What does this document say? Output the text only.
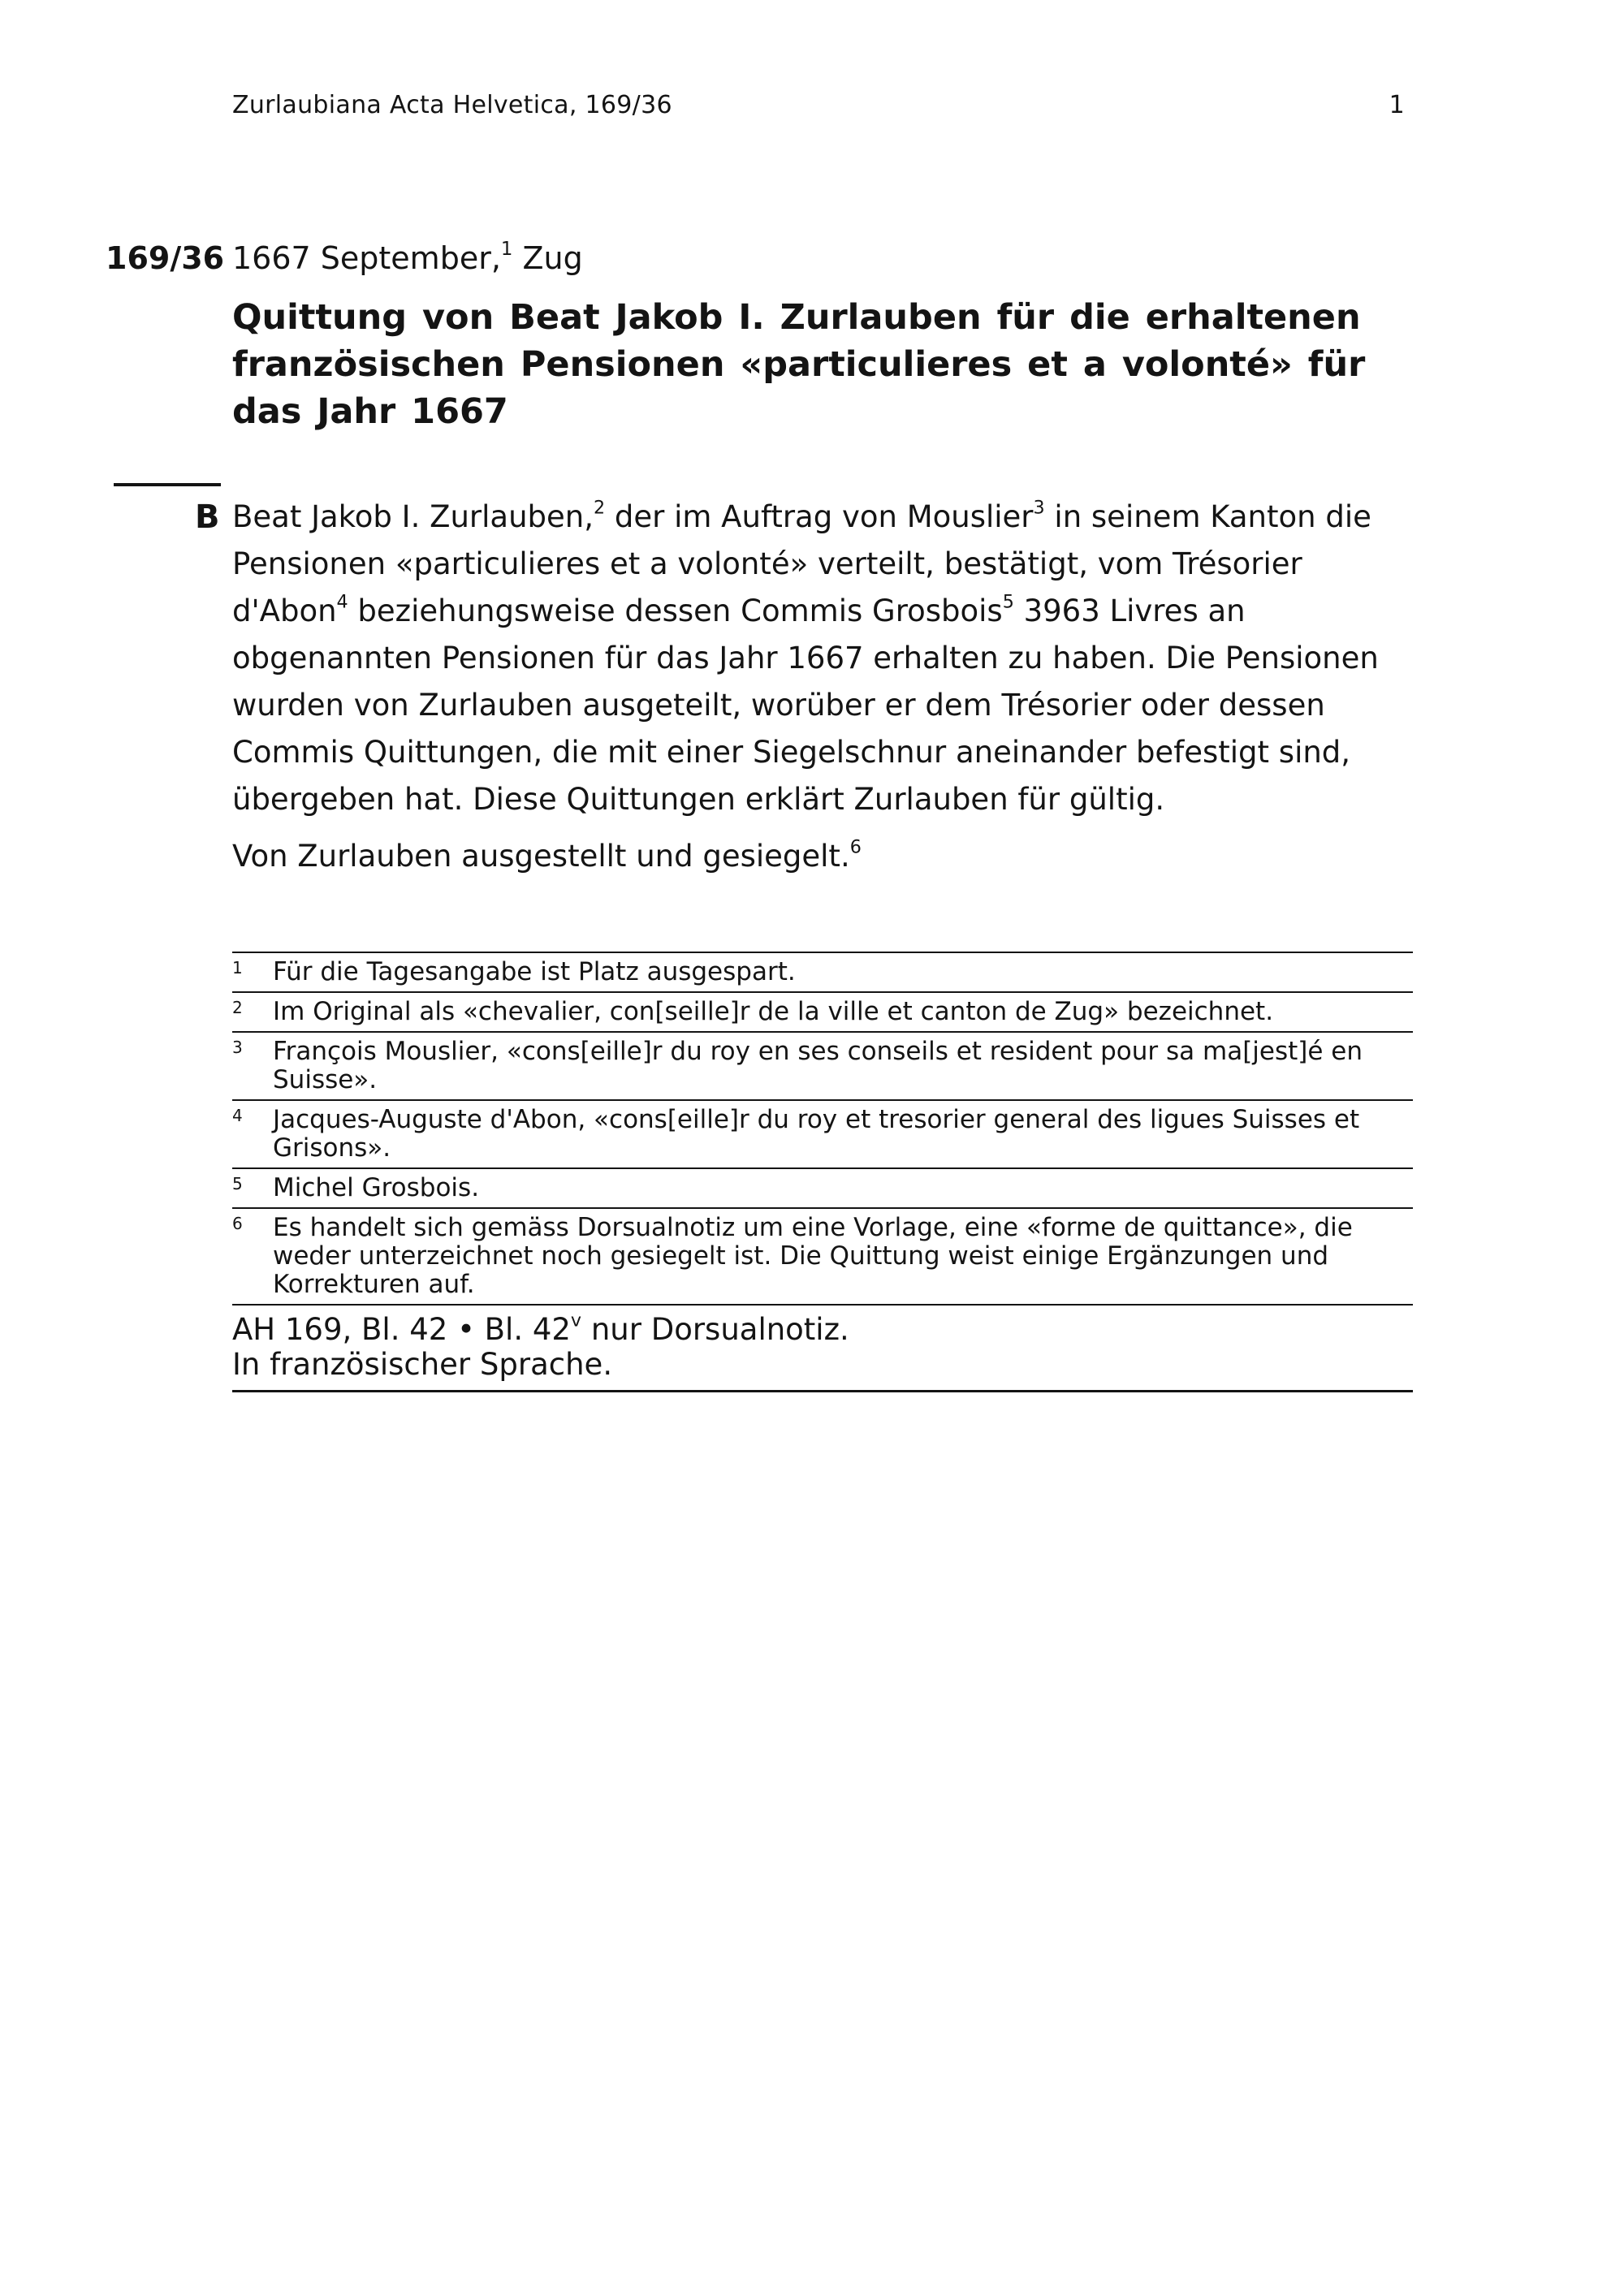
Zurlaubiana Acta Helvetica, 169/36	1
169/36 1667 September,$^1$ Zug
Quittung von Beat Jakob I. Zurlauben für die erhaltenen französischen Pensionen «particulieres et a volonté» für das Jahr 1667
B Beat Jakob I. Zurlauben,$^2$ der im Auftrag von Mouslier$^3$ in seinem Kanton die Pensionen «particulieres et a volonté» verteilt, bestätigt, vom Trésorier d'Abon$^4$ beziehungsweise dessen Commis Grosbois$^5$ 3963 Livres an obgenannten Pensionen für das Jahr 1667 erhalten zu haben. Die Pensionen wurden von Zurlauben ausgeteilt, worüber er dem Trésorier oder dessen Commis Quittungen, die mit einer Siegelschnur aneinander befestigt sind, übergeben hat. Diese Quittungen erklärt Zurlauben für gültig.

Von Zurlauben ausgestellt und gesiegelt.$^6$

1	Für die Tagesangabe ist Platz ausgespart.
2	Im Original als «chevalier, con[seille]r de la ville et canton de Zug» bezeichnet.
3	François Mouslier, «cons[eille]r du roy en ses conseils et resident pour sa ma[jest]é en Suisse».
4	Jacques-Auguste d'Abon, «cons[eille]r du roy et tresorier general des ligues Suisses et Grisons».
5	Michel Grosbois.
6	Es handelt sich gemäss Dorsualnotiz um eine Vorlage, eine «forme de quittance», die weder unterzeichnet noch gesiegelt ist. Die Quittung weist einige Ergänzungen und Korrekturen auf.
AH 169, Bl. 42 • Bl. 42$^v$ nur Dorsualnotiz.
In französischer Sprache.
